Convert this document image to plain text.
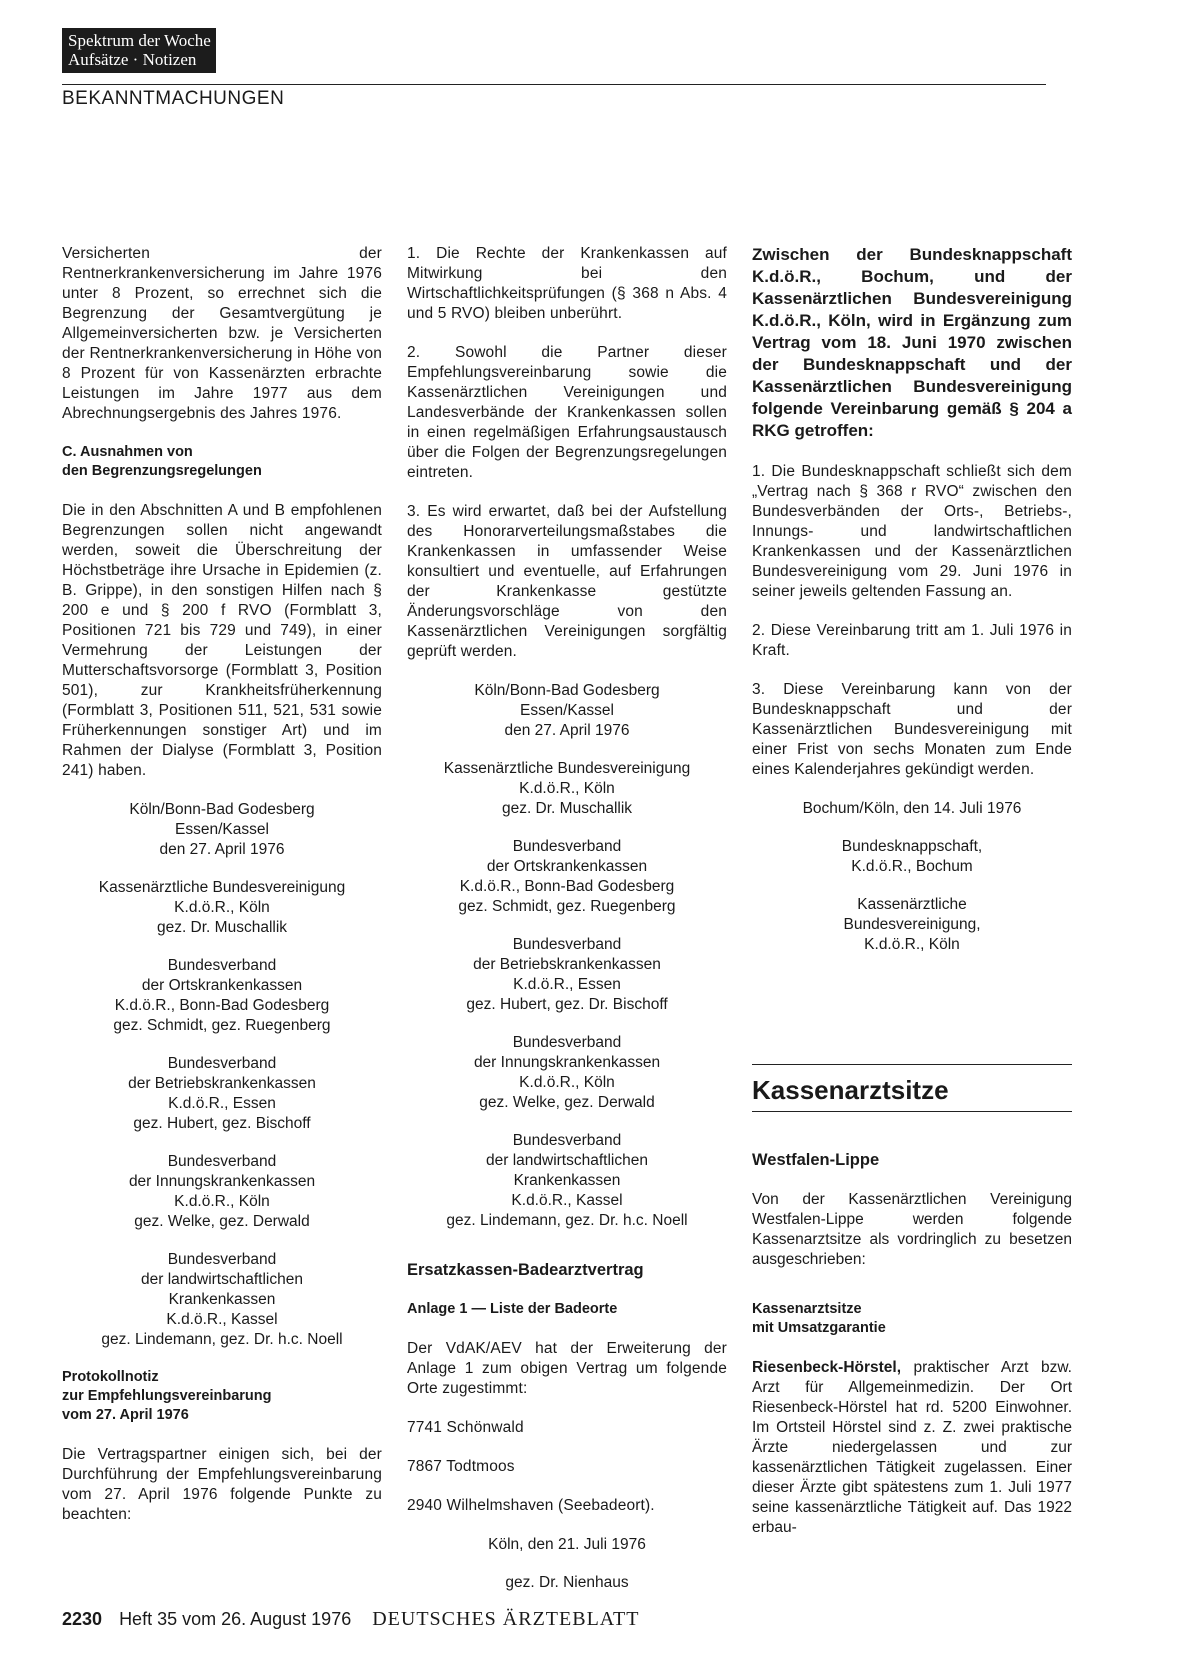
Spektrum der Woche
Aufsätze · Notizen
BEKANNTMACHUNGEN

Versicherten der Rentnerkrankenversicherung im Jahre 1976 unter 8 Prozent, so errechnet sich die Begrenzung der Gesamtvergütung je Allgemeinversicherten bzw. je Versicherten der Rentnerkrankenversicherung in Höhe von 8 Prozent für von Kassenärzten erbrachte Leistungen im Jahre 1977 aus dem Abrechnungsergebnis des Jahres 1976.

C. Ausnahmen von
den Begrenzungsregelungen

Die in den Abschnitten A und B empfohlenen Begrenzungen sollen nicht angewandt werden, soweit die Überschreitung der Höchstbeträge ihre Ursache in Epidemien (z. B. Grippe), in den sonstigen Hilfen nach § 200 e und § 200 f RVO (Formblatt 3, Positionen 721 bis 729 und 749), in einer Vermehrung der Leistungen der Mutterschaftsvorsorge (Formblatt 3, Position 501), zur Krankheitsfrüherkennung (Formblatt 3, Positionen 511, 521, 531 sowie Früherkennungen sonstiger Art) und im Rahmen der Dialyse (Formblatt 3, Position 241) haben.

Köln/Bonn-Bad Godesberg
Essen/Kassel
den 27. April 1976
Kassenärztliche Bundesvereinigung
K.d.ö.R., Köln
gez. Dr. Muschallik
Bundesverband
der Ortskrankenkassen
K.d.ö.R., Bonn-Bad Godesberg
gez. Schmidt, gez. Ruegenberg
Bundesverband
der Betriebskrankenkassen
K.d.ö.R., Essen
gez. Hubert, gez. Bischoff
Bundesverband
der Innungskrankenkassen
K.d.ö.R., Köln
gez. Welke, gez. Derwald
Bundesverband
der landwirtschaftlichen
Krankenkassen
K.d.ö.R., Kassel
gez. Lindemann, gez. Dr. h.c. Noell
Protokollnotiz
zur Empfehlungsvereinbarung
vom 27. April 1976

Die Vertragspartner einigen sich, bei der Durchführung der Empfehlungsvereinbarung vom 27. April 1976 folgende Punkte zu beachten:

1. Die Rechte der Krankenkassen auf Mitwirkung bei den Wirtschaftlichkeitsprüfungen (§ 368 n Abs. 4 und 5 RVO) bleiben unberührt.

2. Sowohl die Partner dieser Empfehlungsvereinbarung sowie die Kassenärztlichen Vereinigungen und Landesverbände der Krankenkassen sollen in einen regelmäßigen Erfahrungsaustausch über die Folgen der Begrenzungsregelungen eintreten.

3. Es wird erwartet, daß bei der Aufstellung des Honorarverteilungsmaßstabes die Krankenkassen in umfassender Weise konsultiert und eventuelle, auf Erfahrungen der Krankenkasse gestützte Änderungsvorschläge von den Kassenärztlichen Vereinigungen sorgfältig geprüft werden.

Köln/Bonn-Bad Godesberg
Essen/Kassel
den 27. April 1976
Kassenärztliche Bundesvereinigung
K.d.ö.R., Köln
gez. Dr. Muschallik
Bundesverband
der Ortskrankenkassen
K.d.ö.R., Bonn-Bad Godesberg
gez. Schmidt, gez. Ruegenberg
Bundesverband
der Betriebskrankenkassen
K.d.ö.R., Essen
gez. Hubert, gez. Dr. Bischoff
Bundesverband
der Innungskrankenkassen
K.d.ö.R., Köln
gez. Welke, gez. Derwald
Bundesverband
der landwirtschaftlichen
Krankenkassen
K.d.ö.R., Kassel
gez. Lindemann, gez. Dr. h.c. Noell
Ersatzkassen-Badearztvertrag
Anlage 1 — Liste der Badeorte

Der VdAK/AEV hat der Erweiterung der Anlage 1 zum obigen Vertrag um folgende Orte zugestimmt:

7741 Schönwald

7867 Todtmoos

2940 Wilhelmshaven (Seebadeort).

Köln, den 21. Juli 1976
gez. Dr. Nienhaus
Zwischen der Bundesknappschaft K.d.ö.R., Bochum, und der Kassenärztlichen Bundesvereinigung K.d.ö.R., Köln, wird in Ergänzung zum Vertrag vom 18. Juni 1970 zwischen der Bundesknappschaft und der Kassenärztlichen Bundesvereinigung folgende Vereinbarung gemäß § 204 a RKG getroffen:

1. Die Bundesknappschaft schließt sich dem „Vertrag nach § 368 r RVO“ zwischen den Bundesverbänden der Orts-, Betriebs-, Innungs- und landwirtschaftlichen Krankenkassen und der Kassenärztlichen Bundesvereinigung vom 29. Juni 1976 in seiner jeweils geltenden Fassung an.

2. Diese Vereinbarung tritt am 1. Juli 1976 in Kraft.

3. Diese Vereinbarung kann von der Bundesknappschaft und der Kassenärztlichen Bundesvereinigung mit einer Frist von sechs Monaten zum Ende eines Kalenderjahres gekündigt werden.

Bochum/Köln, den 14. Juli 1976
Bundesknappschaft,
K.d.ö.R., Bochum
Kassenärztliche
Bundesvereinigung,
K.d.ö.R., Köln
Kassenarztsitze
Westfalen-Lippe

Von der Kassenärztlichen Vereinigung Westfalen-Lippe werden folgende Kassenarztsitze als vordringlich zu besetzen ausgeschrieben:

Kassenarztsitze
mit Umsatzgarantie

Riesenbeck-Hörstel, praktischer Arzt bzw. Arzt für Allgemeinmedizin. Der Ort Riesenbeck-Hörstel hat rd. 5200 Einwohner. Im Ortsteil Hörstel sind z. Z. zwei praktische Ärzte niedergelassen und zur kassenärztlichen Tätigkeit zugelassen. Einer dieser Ärzte gibt spätestens zum 1. Juli 1977 seine kassenärztliche Tätigkeit auf. Das 1922 erbau-

2230 Heft 35 vom 26. August 1976 DEUTSCHES ÄRZTEBLATT
